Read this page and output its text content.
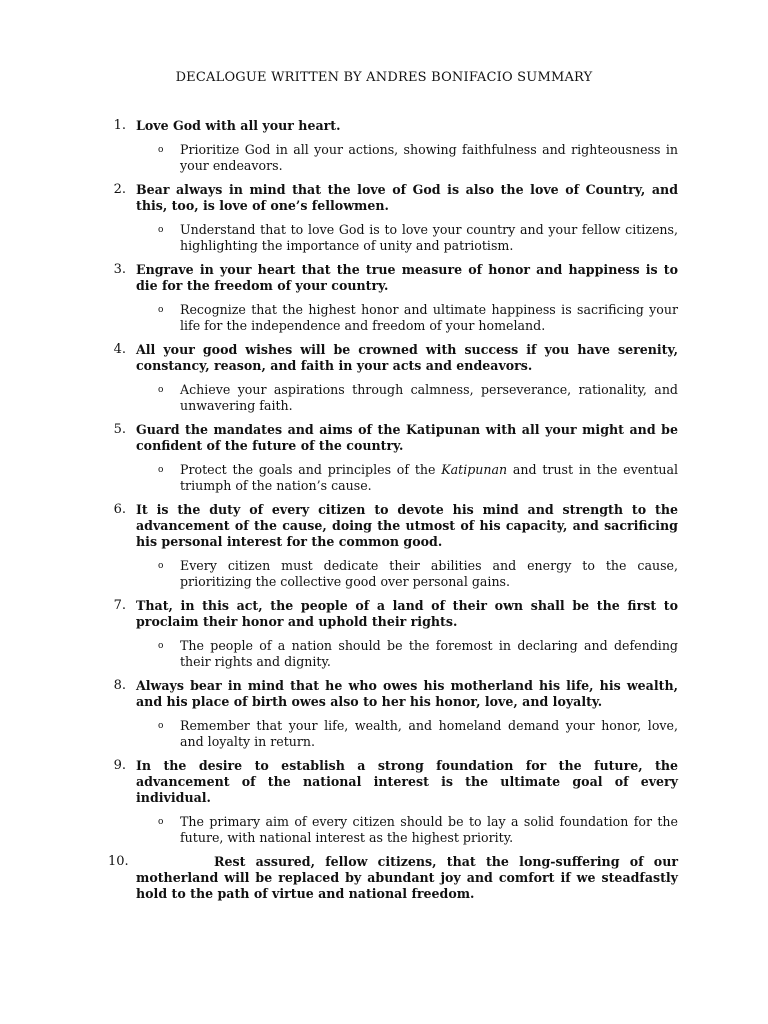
DECALOGUE WRITTEN BY ANDRES BONIFACIO SUMMARY
1. Love God with all your heart.
o Prioritize God in all your actions, showing faithfulness and righteousness in your endeavors.
2. Bear always in mind that the love of God is also the love of Country, and this, too, is love of one’s fellowmen.
o Understand that to love God is to love your country and your fellow citizens, highlighting the importance of unity and patriotism.
3. Engrave in your heart that the true measure of honor and happiness is to die for the freedom of your country.
o Recognize that the highest honor and ultimate happiness is sacrificing your life for the independence and freedom of your homeland.
4. All your good wishes will be crowned with success if you have serenity, constancy, reason, and faith in your acts and endeavors.
o Achieve your aspirations through calmness, perseverance, rationality, and unwavering faith.
5. Guard the mandates and aims of the Katipunan with all your might and be confident of the future of the country.
o Protect the goals and principles of the Katipunan and trust in the eventual triumph of the nation’s cause.
6. It is the duty of every citizen to devote his mind and strength to the advancement of the cause, doing the utmost of his capacity, and sacrificing his personal interest for the common good.
o Every citizen must dedicate their abilities and energy to the cause, prioritizing the collective good over personal gains.
7. That, in this act, the people of a land of their own shall be the first to proclaim their honor and uphold their rights.
o The people of a nation should be the foremost in declaring and defending their rights and dignity.
8. Always bear in mind that he who owes his motherland his life, his wealth, and his place of birth owes also to her his honor, love, and loyalty.
o Remember that your life, wealth, and homeland demand your honor, love, and loyalty in return.
9. In the desire to establish a strong foundation for the future, the advancement of the national interest is the ultimate goal of every individual.
o The primary aim of every citizen should be to lay a solid foundation for the future, with national interest as the highest priority.
10.	Rest assured, fellow citizens, that the long-suffering of our motherland will be replaced by abundant joy and comfort if we steadfastly hold to the path of virtue and national freedom.
